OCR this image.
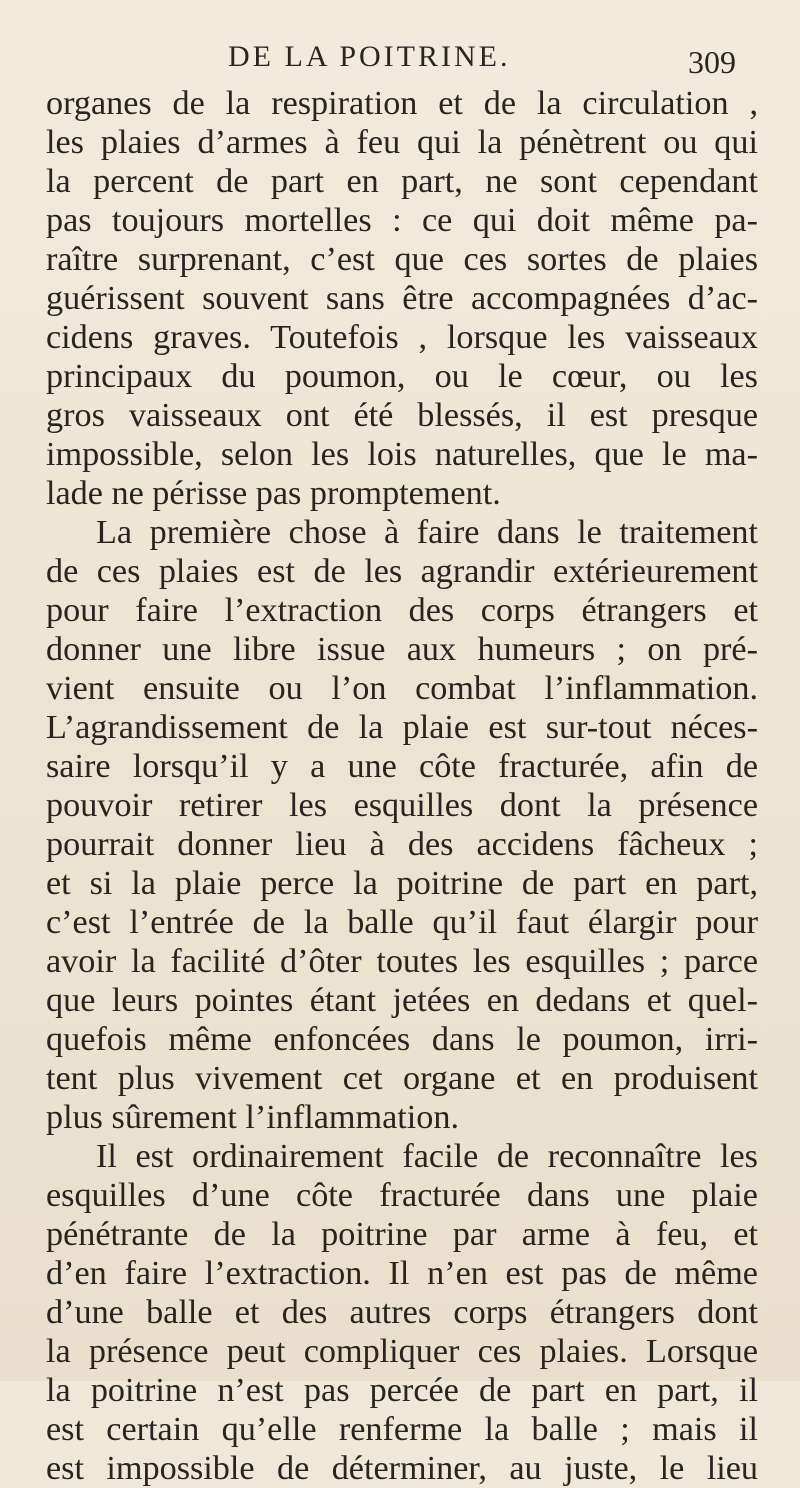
DE LA POITRINE.	309
organes de la respiration et de la circulation ,
les plaies d’armes à feu qui la pénètrent ou qui
la percent de part en part, ne sont cependant
pas toujours mortelles : ce qui doit même pa-
raître surprenant, c’est que ces sortes de plaies
guérissent souvent sans être accompagnées d’ac-
cidens graves. Toutefois , lorsque les vaisseaux
principaux du poumon, ou le cœur, ou les
gros vaisseaux ont été blessés, il est presque
impossible, selon les lois naturelles, que le ma-
lade ne périsse pas promptement.
La première chose à faire dans le traitement
de ces plaies est de les agrandir extérieurement
pour faire l’extraction des corps étrangers et
donner une libre issue aux humeurs ; on pré-
vient ensuite ou l’on combat l’inflammation.
L’agrandissement de la plaie est sur-tout néces-
saire lorsqu’il y a une côte fracturée, afin de
pouvoir retirer les esquilles dont la présence
pourrait donner lieu à des accidens fâcheux ;
et si la plaie perce la poitrine de part en part,
c’est l’entrée de la balle qu’il faut élargir pour
avoir la facilité d’ôter toutes les esquilles ; parce
que leurs pointes étant jetées en dedans et quel-
quefois même enfoncées dans le poumon, irri-
tent plus vivement cet organe et en produisent
plus sûrement l’inflammation.
Il est ordinairement facile de reconnaître les
esquilles d’une côte fracturée dans une plaie
pénétrante de la poitrine par arme à feu, et
d’en faire l’extraction. Il n’en est pas de même
d’une balle et des autres corps étrangers dont
la présence peut compliquer ces plaies. Lorsque
la poitrine n’est pas percée de part en part, il
est certain qu’elle renferme la balle ; mais il
est impossible de déterminer, au juste, le lieu
